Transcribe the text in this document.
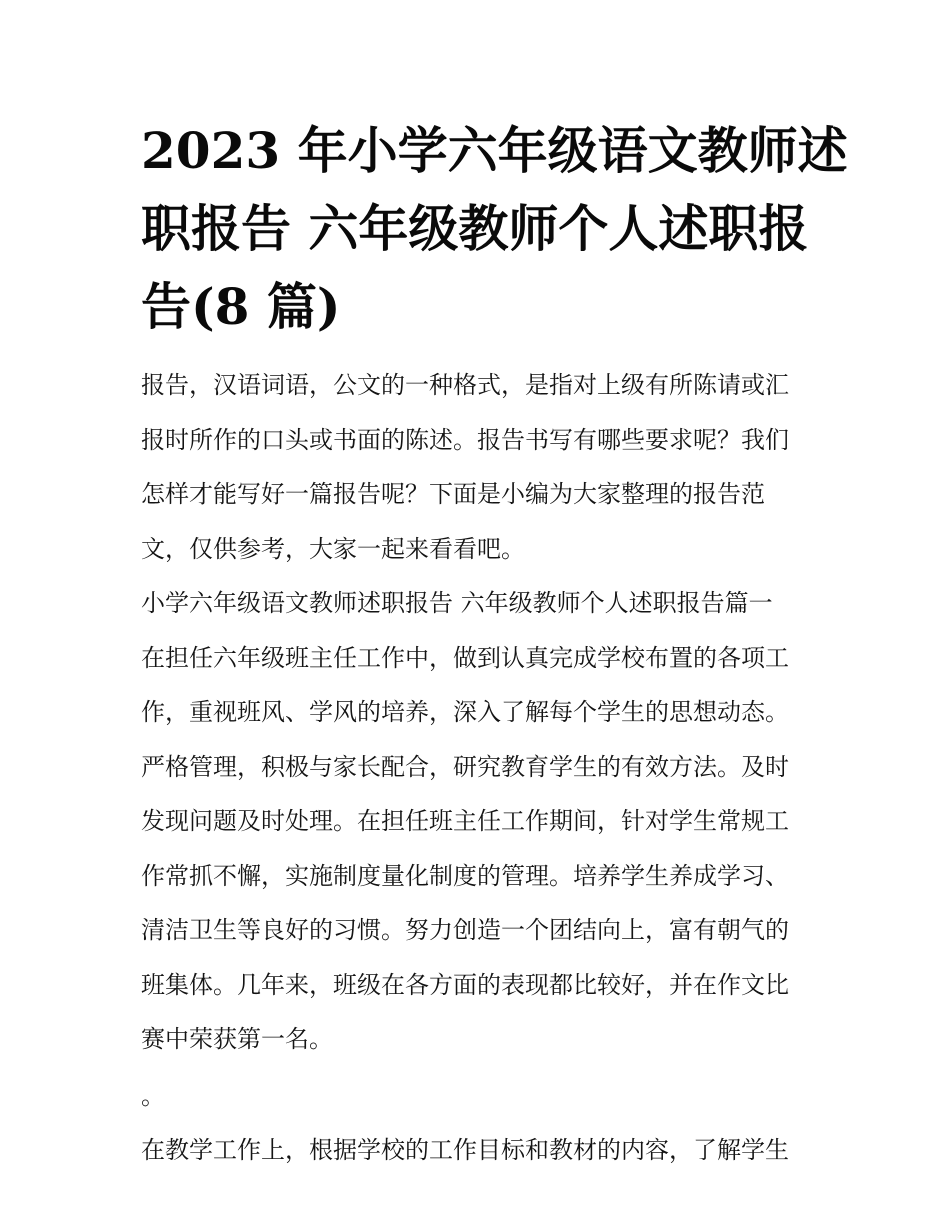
2023 年小学六年级语文教师述
职报告 六年级教师个人述职报
告(8 篇)
报告，汉语词语，公文的一种格式，是指对上级有所陈请或汇
报时所作的口头或书面的陈述。报告书写有哪些要求呢？我们
怎样才能写好一篇报告呢？下面是小编为大家整理的报告范
文，仅供参考，大家一起来看看吧。
小学六年级语文教师述职报告 六年级教师个人述职报告篇一
在担任六年级班主任工作中，做到认真完成学校布置的各项工
作，重视班风、学风的培养，深入了解每个学生的思想动态。
严格管理，积极与家长配合，研究教育学生的有效方法。及时
发现问题及时处理。在担任班主任工作期间，针对学生常规工
作常抓不懈，实施制度量化制度的管理。培养学生养成学习、
清洁卫生等良好的习惯。努力创造一个团结向上，富有朝气的
班集体。几年来，班级在各方面的表现都比较好，并在作文比
赛中荣获第一名。
。
在教学工作上，根据学校的工作目标和教材的内容，了解学生
